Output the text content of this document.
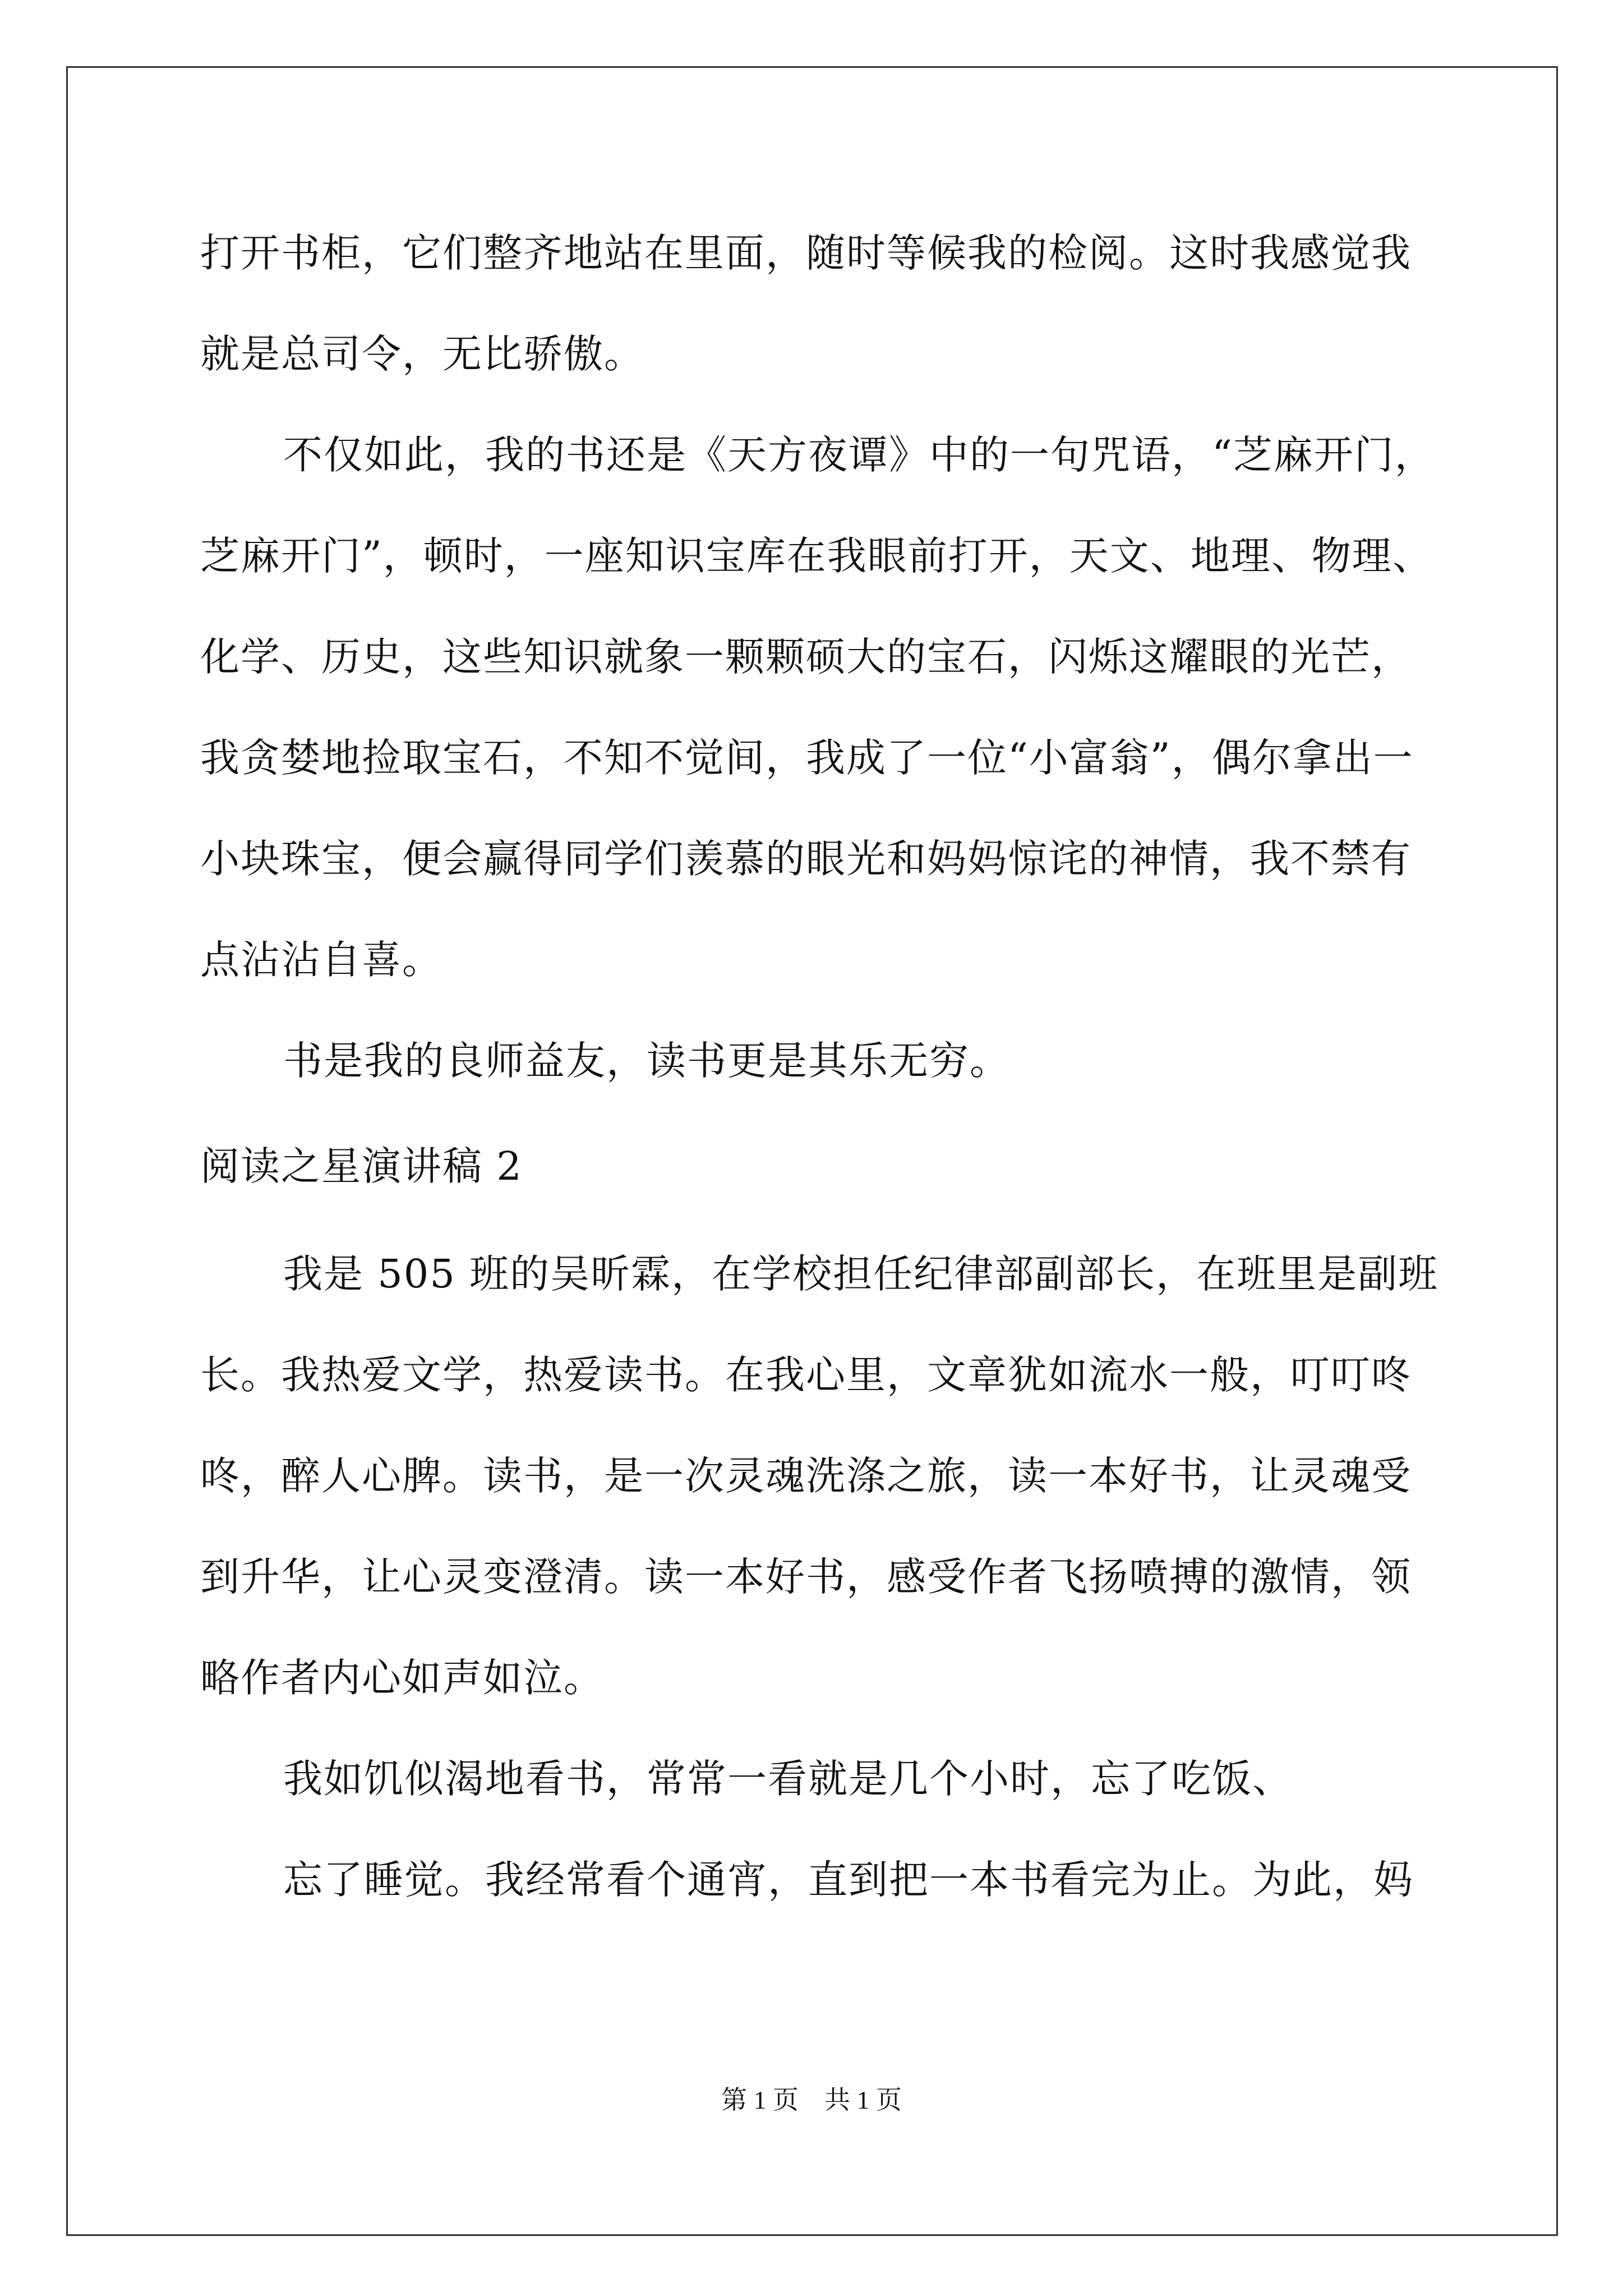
打开书柜，它们整齐地站在里面，随时等候我的检阅。这时我感觉我
就是总司令，无比骄傲。
不仅如此，我的书还是《天方夜谭》中的一句咒语，“芝麻开门，
芝麻开门”，顿时，一座知识宝库在我眼前打开，天文、地理、物理、
化学、历史，这些知识就象一颗颗硕大的宝石，闪烁这耀眼的光芒，
我贪婪地捡取宝石，不知不觉间，我成了一位“小富翁”，偶尔拿出一
小块珠宝，便会赢得同学们羡慕的眼光和妈妈惊诧的神情，我不禁有
点沾沾自喜。
书是我的良师益友，读书更是其乐无穷。
阅读之星演讲稿 2
我是 505 班的吴昕霖，在学校担任纪律部副部长，在班里是副班
长。我热爱文学，热爱读书。在我心里，文章犹如流水一般，叮叮咚
咚，醉人心脾。读书，是一次灵魂洗涤之旅，读一本好书，让灵魂受
到升华，让心灵变澄清。读一本好书，感受作者飞扬喷搏的激情，领
略作者内心如声如泣。
我如饥似渴地看书，常常一看就是几个小时，忘了吃饭、
忘了睡觉。我经常看个通宵，直到把一本书看完为止。为此，妈
第 1 页　共 1 页
